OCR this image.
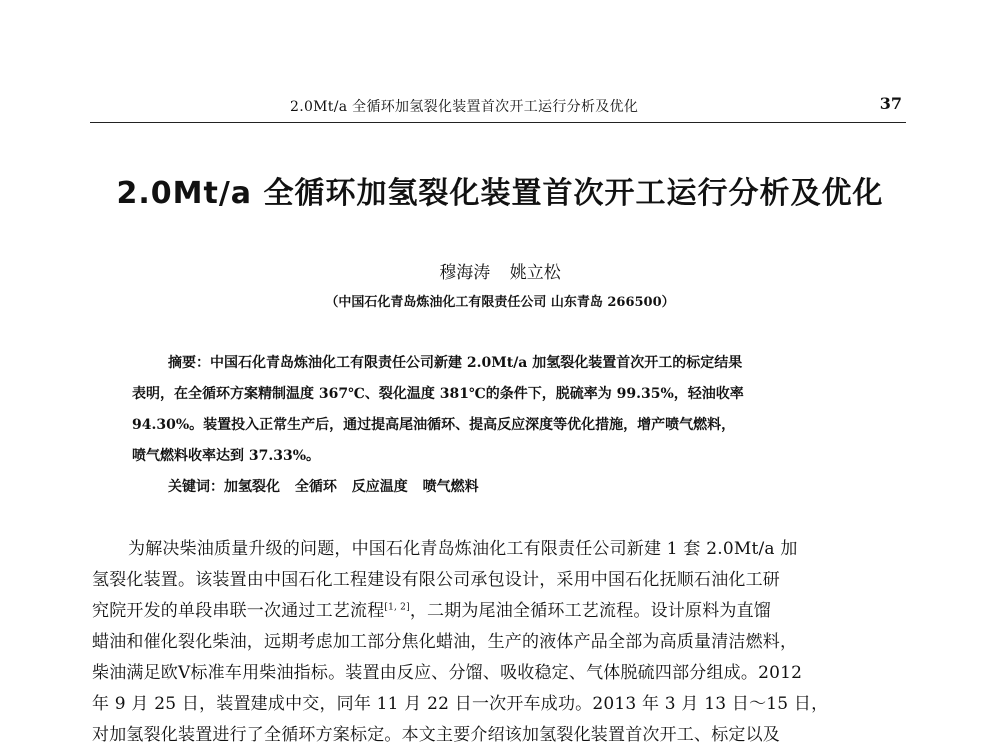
2.0Mt/a 全循环加氢裂化装置首次开工运行分析及优化	37
2.0Mt/a 全循环加氢裂化装置首次开工运行分析及优化
穆海涛 姚立松
（中国石化青岛炼油化工有限责任公司 山东青岛 266500）
摘要：中国石化青岛炼油化工有限责任公司新建 2.0Mt/a 加氢裂化装置首次开工的标定结果
表明，在全循环方案精制温度 367℃、裂化温度 381℃的条件下，脱硫率为 99.35%，轻油收率
94.30%。装置投入正常生产后，通过提高尾油循环、提高反应深度等优化措施，增产喷气燃料，
喷气燃料收率达到 37.33%。
关键词：加氢裂化 全循环 反应温度 喷气燃料
为解决柴油质量升级的问题，中国石化青岛炼油化工有限责任公司新建 1 套 2.0Mt/a 加
氢裂化装置。该装置由中国石化工程建设有限公司承包设计，采用中国石化抚顺石油化工研
究院开发的单段串联一次通过工艺流程[1, 2]，二期为尾油全循环工艺流程。设计原料为直馏
蜡油和催化裂化柴油，远期考虑加工部分焦化蜡油，生产的液体产品全部为高质量清洁燃料，
柴油满足欧Ⅴ标准车用柴油指标。装置由反应、分馏、吸收稳定、气体脱硫四部分组成。2012
年 9 月 25 日，装置建成中交，同年 11 月 22 日一次开车成功。2013 年 3 月 13 日～15 日，
对加氢裂化装置进行了全循环方案标定。本文主要介绍该加氢裂化装置首次开工、标定以及
